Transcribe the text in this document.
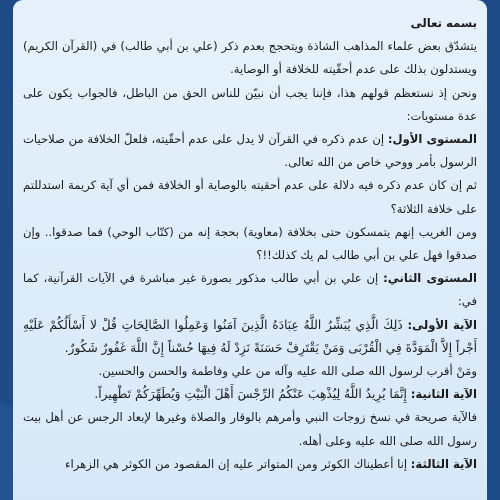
بسمه تعالى

يتشدّق بعض علماء المذاهب الشاذة ويتحجج بعدم ذكر (علي بن أبي طالب) في (القرآن الكريم) ويستدلون بذلك على عدم أحقّيته للخلافة أو الوصاية.

ونحن إذ نستعظم قولهم هذا، فإننا يجب أن نبيّن للناس الحق من الباطل، فالجواب يكون على عدة مستويات:

المستوى الأول: إن عدم ذكره في القرآن لا يدل على عدم أحقّيته، فلعلّ الخلافة من صلاحيات الرسول بأمر ووحي خاص من الله تعالى.

ثم إن كان عدم ذكره فيه دلالة على عدم أحقيته بالوصاية أو الخلافة فمن أي آية كريمة استدللتم على خلافة الثلاثة؟

ومن الغريب إنهم يتمسكون حتى بخلافة (معاوية) بحجة إنه من (كتّاب الوحي) فما صدقوا.. وإن صدقوا فهل علي بن أبي طالب لم يك كذلك!!؟

المستوى الثاني: إن علي بن أبي طالب مذكور بصورة غير مباشرة في الآيات القرآنية، كما في:

الآية الأولى: ذَلِكَ الَّذِي يُبَشِّرُ اللَّهُ عِبَادَهُ الَّذِينَ آمَنُوا وَعَمِلُوا الصَّالِحَاتِ قُلْ لا أَسْأَلُكُمْ عَلَيْهِ أَجْراً إِلاَّ الْمَوَدَّةَ فِي الْقُرْبَى وَمَنْ يَقْتَرِفْ حَسَنَةً نَزِدْ لَهُ فِيهَا حُسْناً إِنَّ اللَّهَ غَفُورٌ شَكُورٌ.

ومَنْ أقرب لرسول الله صلى الله عليه وآله من علي وفاطمة والحسن والحسين.

الآية الثانية: إِنَّمَا يُرِيدُ اللَّهُ لِيُذْهِبَ عَنْكُمُ الرِّجْسَ أَهْلَ الْبَيْتِ وَيُطَهِّرَكُمْ تَطْهِيراً.

فالآية صريحة في نسخ زوجات النبي وأمرهم بالوقار والصلاة وغيرها لإبعاد الرجس عن أهل بيت رسول الله صلى الله عليه وعلى أهله.

الآية الثالثة: إنا أعطيناك الكوثر ومن المتواتر عليه إن المقصود من الكوثر هي الزهراء
